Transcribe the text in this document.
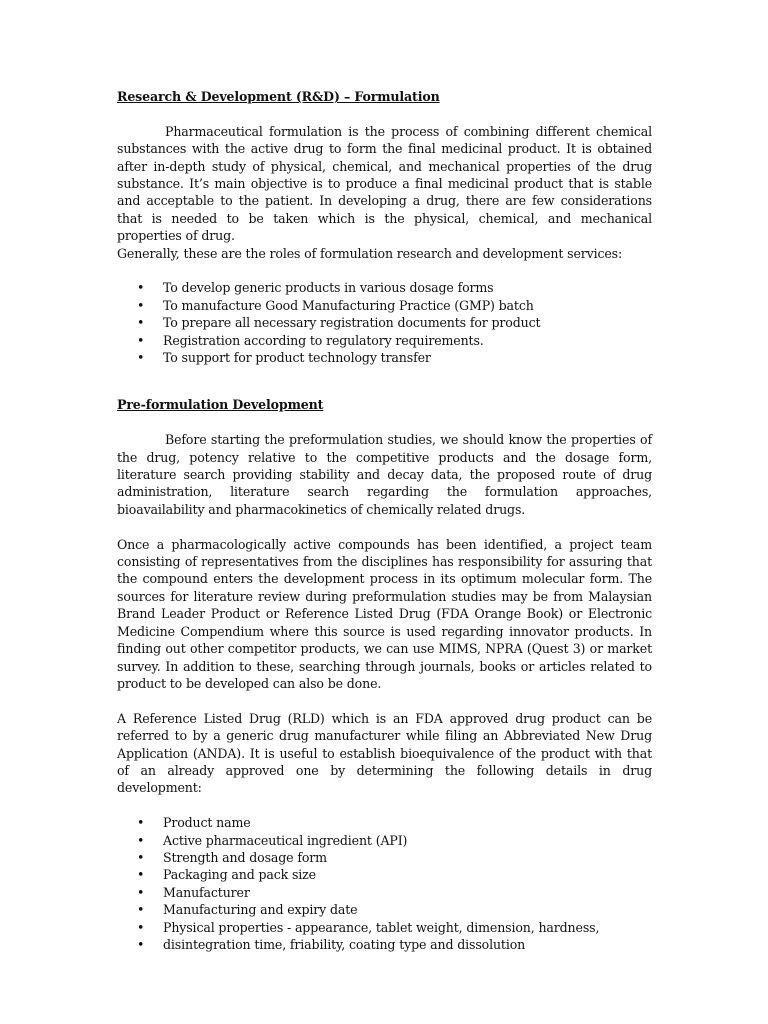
Research & Development (R&D) – Formulation

Pharmaceutical formulation is the process of combining different chemical substances with the active drug to form the final medicinal product. It is obtained after in-depth study of physical, chemical, and mechanical properties of the drug substance. It’s main objective is to produce a final medicinal product that is stable and acceptable to the patient. In developing a drug, there are few considerations that is needed to be taken which is the physical, chemical, and mechanical properties of drug.

Generally, these are the roles of formulation research and development services:

• To develop generic products in various dosage forms
• To manufacture Good Manufacturing Practice (GMP) batch
• To prepare all necessary registration documents for product
• Registration according to regulatory requirements.
• To support for product technology transfer

Pre-formulation Development

Before starting the preformulation studies, we should know the properties of the drug, potency relative to the competitive products and the dosage form, literature search providing stability and decay data, the proposed route of drug administration, literature search regarding the formulation approaches, bioavailability and pharmacokinetics of chemically related drugs.

Once a pharmacologically active compounds has been identified, a project team consisting of representatives from the disciplines has responsibility for assuring that the compound enters the development process in its optimum molecular form. The sources for literature review during preformulation studies may be from Malaysian Brand Leader Product or Reference Listed Drug (FDA Orange Book) or Electronic Medicine Compendium where this source is used regarding innovator products. In finding out other competitor products, we can use MIMS, NPRA (Quest 3) or market survey. In addition to these, searching through journals, books or articles related to product to be developed can also be done.

A Reference Listed Drug (RLD) which is an FDA approved drug product can be referred to by a generic drug manufacturer while filing an Abbreviated New Drug Application (ANDA). It is useful to establish bioequivalence of the product with that of an already approved one by determining the following details in drug development:

• Product name
• Active pharmaceutical ingredient (API)
• Strength and dosage form
• Packaging and pack size
• Manufacturer
• Manufacturing and expiry date
• Physical properties - appearance, tablet weight, dimension, hardness,
• disintegration time, friability, coating type and dissolution
